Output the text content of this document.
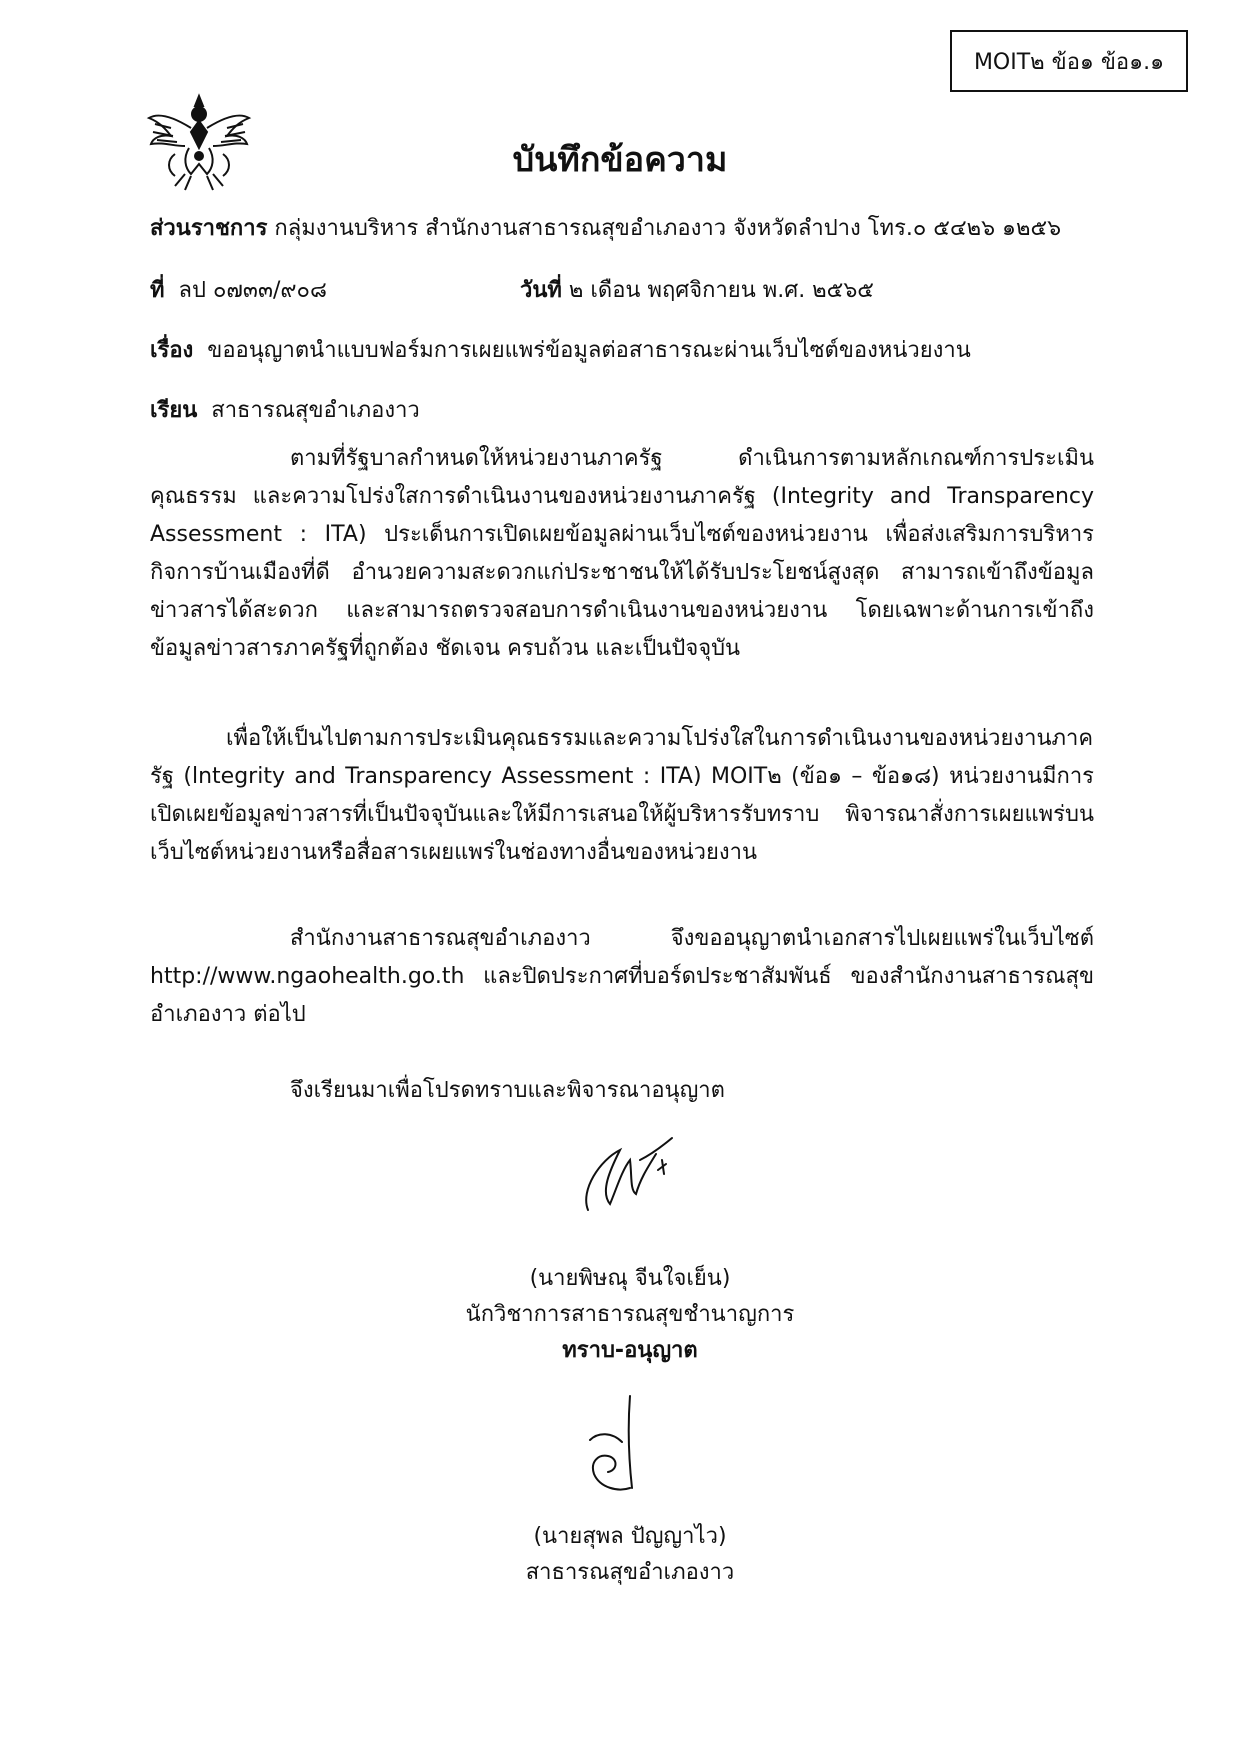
MOIT๒ ข้อ๑ ข้อ๑.๑
บันทึกข้อความ
ส่วนราชการ กลุ่มงานบริหาร สำนักงานสาธารณสุขอำเภองาว จังหวัดลำปาง โทร.๐ ๕๔๒๖ ๑๒๕๖
ที่ ลป ๐๗๓๓/๙๐๘	วันที่ ๒ เดือน พฤศจิกายน พ.ศ. ๒๕๖๕
เรื่อง ขออนุญาตนำแบบฟอร์มการเผยแพร่ข้อมูลต่อสาธารณะผ่านเว็บไซต์ของหน่วยงาน
เรียน สาธารณสุขอำเภองาว

ตามที่รัฐบาลกำหนดให้หน่วยงานภาครัฐ ดำเนินการตามหลักเกณฑ์การประเมินคุณธรรม และความโปร่งใสการดำเนินงานของหน่วยงานภาครัฐ (Integrity and Transparency Assessment : ITA) ประเด็นการเปิดเผยข้อมูลผ่านเว็บไซต์ของหน่วยงาน เพื่อส่งเสริมการบริหารกิจการบ้านเมืองที่ดี อำนวยความสะดวกแก่ประชาชนให้ได้รับประโยชน์สูงสุด สามารถเข้าถึงข้อมูลข่าวสารได้สะดวก และสามารถตรวจสอบการดำเนินงานของหน่วยงาน โดยเฉพาะด้านการเข้าถึงข้อมูลข่าวสารภาครัฐที่ถูกต้อง ชัดเจน ครบถ้วน และเป็นปัจจุบัน

เพื่อให้เป็นไปตามการประเมินคุณธรรมและความโปร่งใสในการดำเนินงานของหน่วยงานภาครัฐ (lntegrity and Transparency Assessment : ITA) MOIT๒ (ข้อ๑ – ข้อ๑๘) หน่วยงานมีการเปิดเผยข้อมูลข่าวสารที่เป็นปัจจุบันและให้มีการเสนอให้ผู้บริหารรับทราบ พิจารณาสั่งการเผยแพร่บนเว็บไซต์หน่วยงานหรือสื่อสารเผยแพร่ในช่องทางอื่นของหน่วยงาน

สำนักงานสาธารณสุขอำเภองาว จึงขออนุญาตนำเอกสารไปเผยแพร่ในเว็บไซต์ http://www.ngaohealth.go.th และปิดประกาศที่บอร์ดประชาสัมพันธ์ ของสำนักงานสาธารณสุขอำเภองาว ต่อไป

จึงเรียนมาเพื่อโปรดทราบและพิจารณาอนุญาต
(นายพิษณุ จีนใจเย็น)
นักวิชาการสาธารณสุขชำนาญการ
ทราบ-อนุญาต
(นายสุพล ปัญญาไว)
สาธารณสุขอำเภองาว
